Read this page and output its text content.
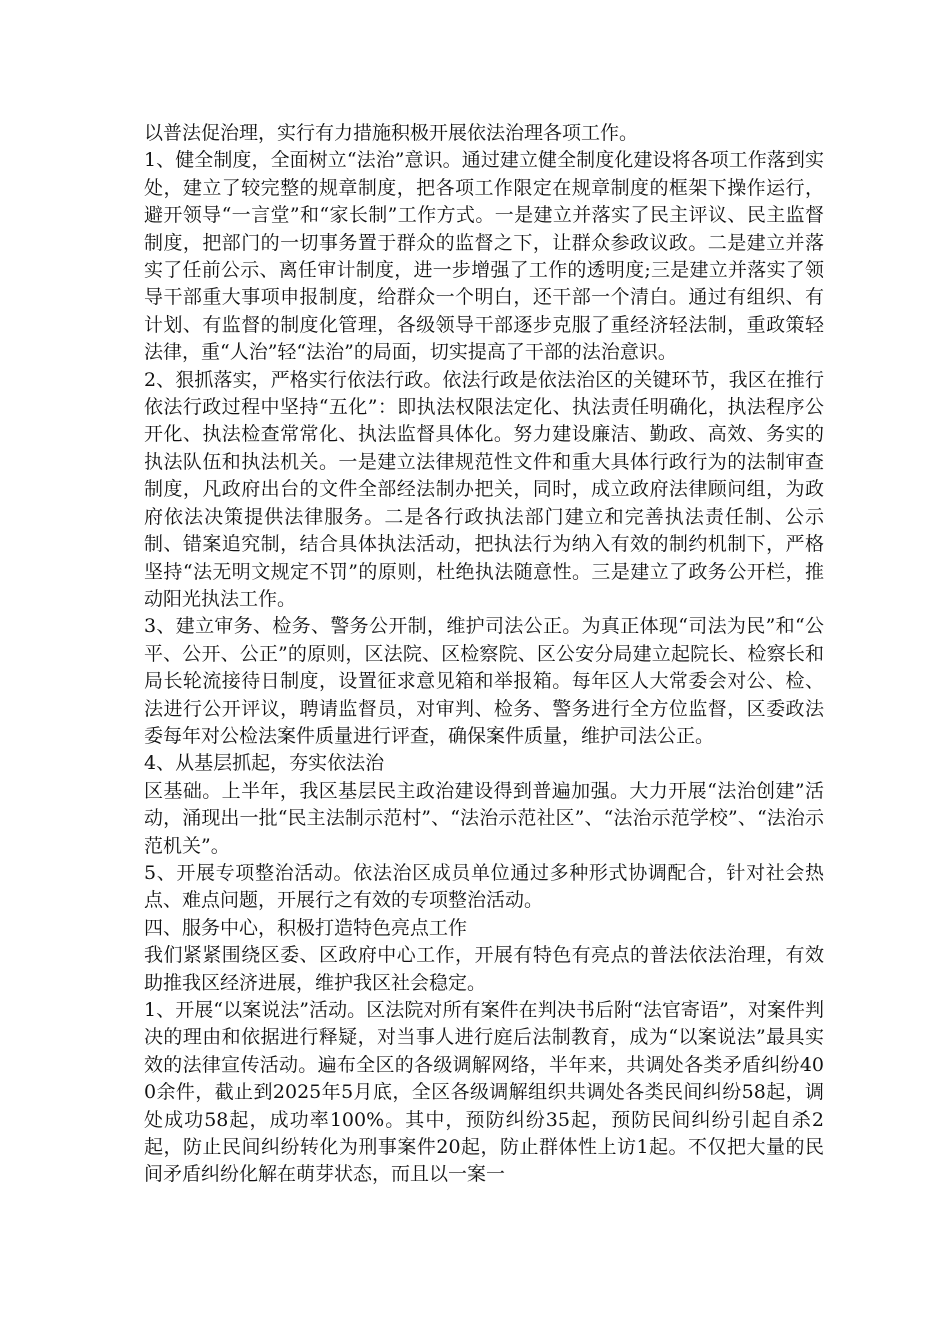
以普法促治理，实行有力措施积极开展依法治理各项工作。

1、健全制度，全面树立“法治”意识。通过建立健全制度化建设将各项工作落到实处，建立了较完整的规章制度，把各项工作限定在规章制度的框架下操作运行，避开领导“一言堂”和“家长制”工作方式。一是建立并落实了民主评议、民主监督制度，把部门的一切事务置于群众的监督之下，让群众参政议政。二是建立并落实了任前公示、离任审计制度，进一步增强了工作的透明度;三是建立并落实了领导干部重大事项申报制度，给群众一个明白，还干部一个清白。通过有组织、有计划、有监督的制度化管理，各级领导干部逐步克服了重经济轻法制，重政策轻法律，重“人治”轻“法治”的局面，切实提高了干部的法治意识。

2、狠抓落实，严格实行依法行政。依法行政是依法治区的关键环节，我区在推行依法行政过程中坚持“五化”：即执法权限法定化、执法责任明确化，执法程序公开化、执法检查常常化、执法监督具体化。努力建设廉洁、勤政、高效、务实的执法队伍和执法机关。一是建立法律规范性文件和重大具体行政行为的法制审查制度，凡政府出台的文件全部经法制办把关，同时，成立政府法律顾问组，为政府依法决策提供法律服务。二是各行政执法部门建立和完善执法责任制、公示制、错案追究制，结合具体执法活动，把执法行为纳入有效的制约机制下，严格坚持“法无明文规定不罚”的原则，杜绝执法随意性。三是建立了政务公开栏，推动阳光执法工作。

3、建立审务、检务、警务公开制，维护司法公正。为真正体现“司法为民”和“公平、公开、公正”的原则，区法院、区检察院、区公安分局建立起院长、检察长和局长轮流接待日制度，设置征求意见箱和举报箱。每年区人大常委会对公、检、法进行公开评议，聘请监督员，对审判、检务、警务进行全方位监督，区委政法委每年对公检法案件质量进行评查，确保案件质量，维护司法公正。

4、从基层抓起，夯实依法治

区基础。上半年，我区基层民主政治建设得到普遍加强。大力开展“法治创建”活动，涌现出一批“民主法制示范村”、“法治示范社区”、“法治示范学校”、“法治示范机关”。

5、开展专项整治活动。依法治区成员单位通过多种形式协调配合，针对社会热点、难点问题，开展行之有效的专项整治活动。

四、服务中心，积极打造特色亮点工作

我们紧紧围绕区委、区政府中心工作，开展有特色有亮点的普法依法治理，有效助推我区经济进展，维护我区社会稳定。

1、开展“以案说法”活动。区法院对所有案件在判决书后附“法官寄语”，对案件判决的理由和依据进行释疑，对当事人进行庭后法制教育，成为“以案说法”最具实效的法律宣传活动。遍布全区的各级调解网络，半年来，共调处各类矛盾纠纷400余件，截止到2025年5月底，全区各级调解组织共调处各类民间纠纷58起，调处成功58起，成功率100%。其中，预防纠纷35起，预防民间纠纷引起自杀2起，防止民间纠纷转化为刑事案件20起，防止群体性上访1起。不仅把大量的民间矛盾纠纷化解在萌芽状态，而且以一案一
